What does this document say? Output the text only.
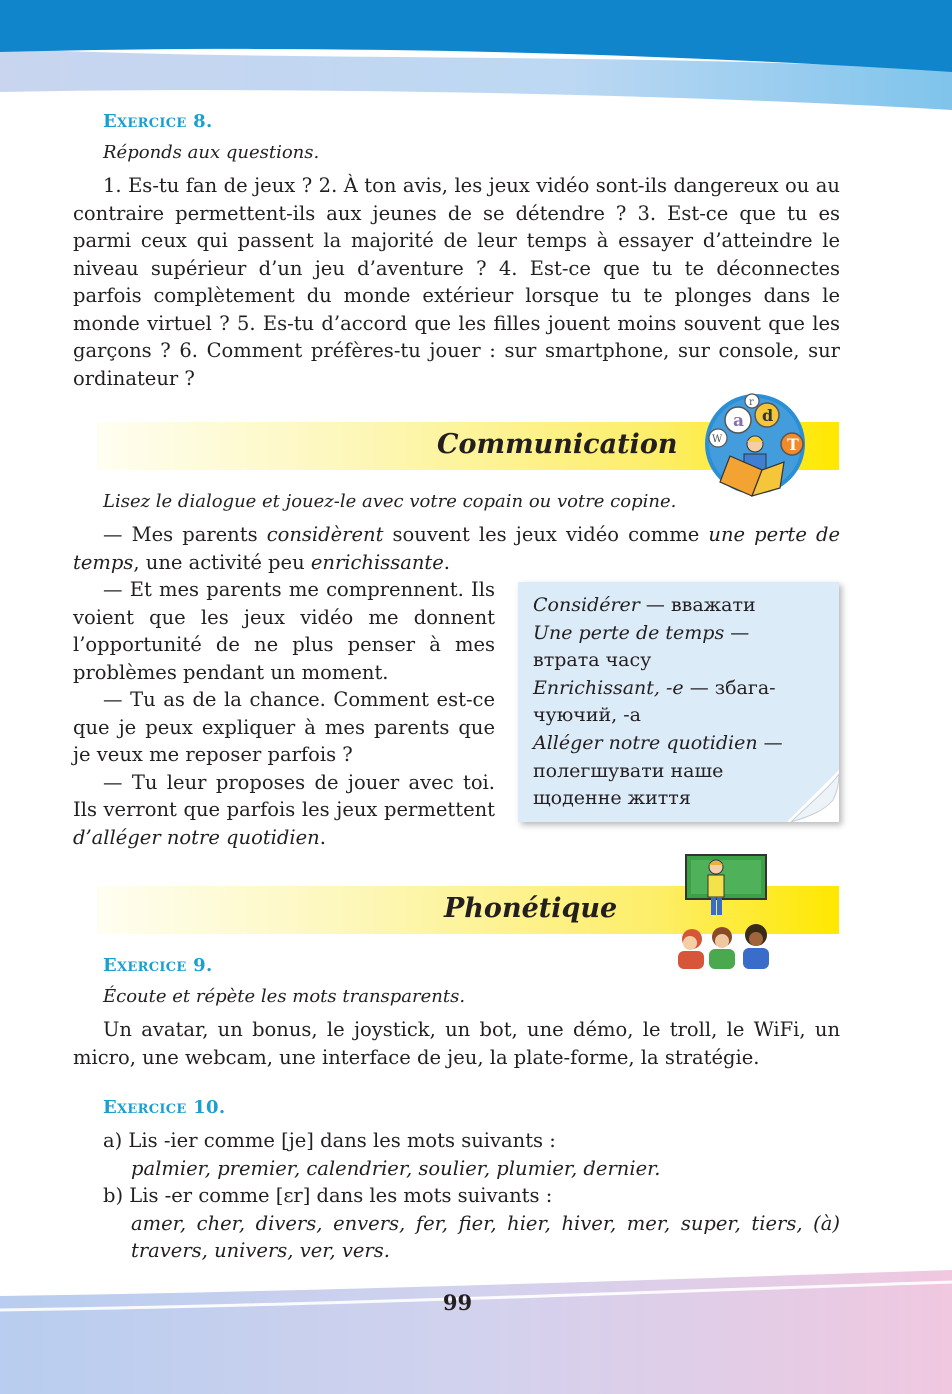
Exercice 8.
Réponds aux questions.
1. Es-tu fan de jeux ? 2. À ton avis, les jeux vidéo sont-ils dangereux ou au contraire permettent-ils aux jeunes de se détendre ? 3. Est-ce que tu es parmi ceux qui passent la majorité de leur temps à essayer d’atteindre le niveau supérieur d’un jeu d’aventure ? 4. Est-ce que tu te déconnectes parfois complètement du monde extérieur lorsque tu te plonges dans le monde virtuel ? 5. Es-tu d’accord que les filles jouent moins souvent que les garçons ? 6. Comment préfères-tu jouer : sur smartphone, sur console, sur ordinateur ?
Communication
a d
r
T
W
Lisez le dialogue et jouez-le avec votre copain ou votre copine.
— Mes parents considèrent souvent les jeux vidéo comme une perte de temps, une activité peu enrichissante.

— Et mes parents me comprennent. Ils voient que les jeux vidéo me donnent l’opportunité de ne plus penser à mes problèmes pendant un moment.

— Tu as de la chance. Comment est-ce que je peux expliquer à mes parents que je veux me reposer parfois ?

— Tu leur proposes de jouer avec toi. Ils verront que parfois les jeux permettent d’alléger notre quotidien.

Considérer — вважати
Une perte de temps —
втрата часу
Enrichissant, -e — збага-
чуючий, -а
Alléger notre quotidien —
полегшувати наше
щоденне життя
Phonétique
Exercice 9.
Écoute et répète les mots transparents.
Un avatar, un bonus, le joystick, un bot, une démo, le troll, le WiFi, un micro, une webcam, une interface de jeu, la plate-forme, la stratégie.
Exercice 10.
a) Lis -ier comme [je] dans les mots suivants :
palmier, premier, calendrier, soulier, plumier, dernier.
b) Lis -er comme [ɛr] dans les mots suivants :
amer, cher, divers, envers, fer, fier, hier, hiver, mer, super, tiers, (à)
travers, univers, ver, vers.
99
